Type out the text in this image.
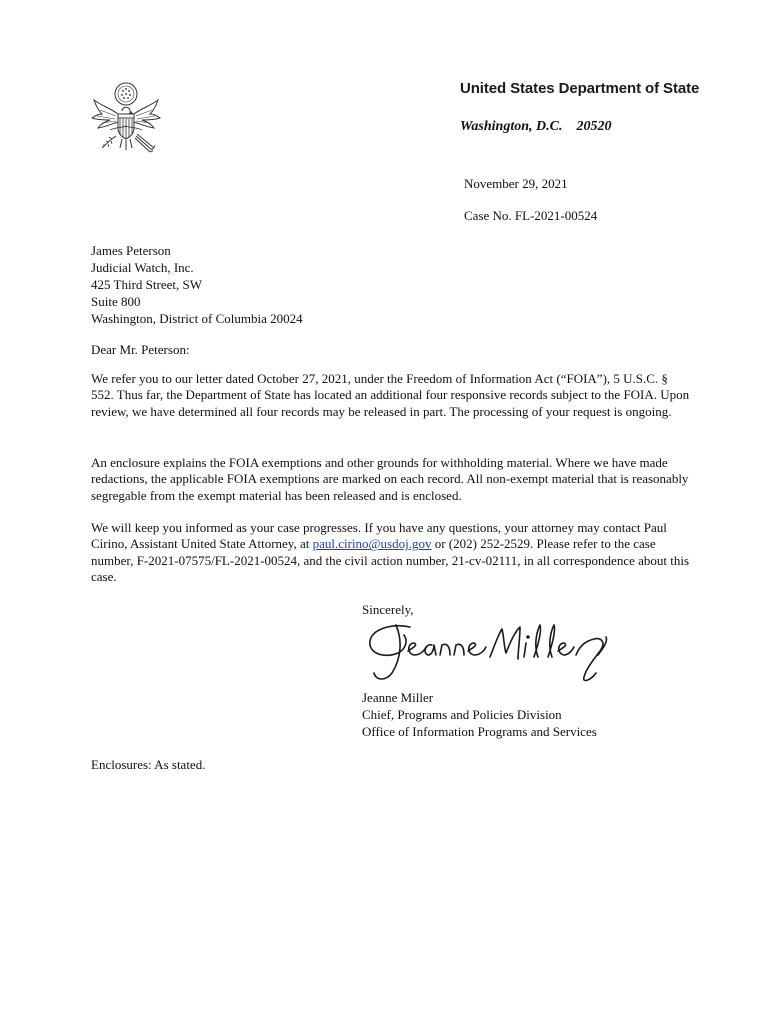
United States Department of State
Washington, D.C. 20520
November 29, 2021
Case No. FL-2021-00524
James Peterson
Judicial Watch, Inc.
425 Third Street, SW
Suite 800
Washington, District of Columbia 20024
Dear Mr. Peterson:

We refer you to our letter dated October 27, 2021, under the Freedom of Information Act (“FOIA”), 5 U.S.C. § 552. Thus far, the Department of State has located an additional four responsive records subject to the FOIA. Upon review, we have determined all four records may be released in part. The processing of your request is ongoing.

An enclosure explains the FOIA exemptions and other grounds for withholding material. Where we have made redactions, the applicable FOIA exemptions are marked on each record. All non-exempt material that is reasonably segregable from the exempt material has been released and is enclosed.

We will keep you informed as your case progresses. If you have any questions, your attorney may contact Paul Cirino, Assistant United State Attorney, at paul.cirino@usdoj.gov or (202) 252-2529. Please refer to the case number, F-2021-07575/FL-2021-00524, and the civil action number, 21-cv-02111, in all correspondence about this case.

Sincerely,
Jeanne Miller
Chief, Programs and Policies Division
Office of Information Programs and Services
Enclosures: As stated.
